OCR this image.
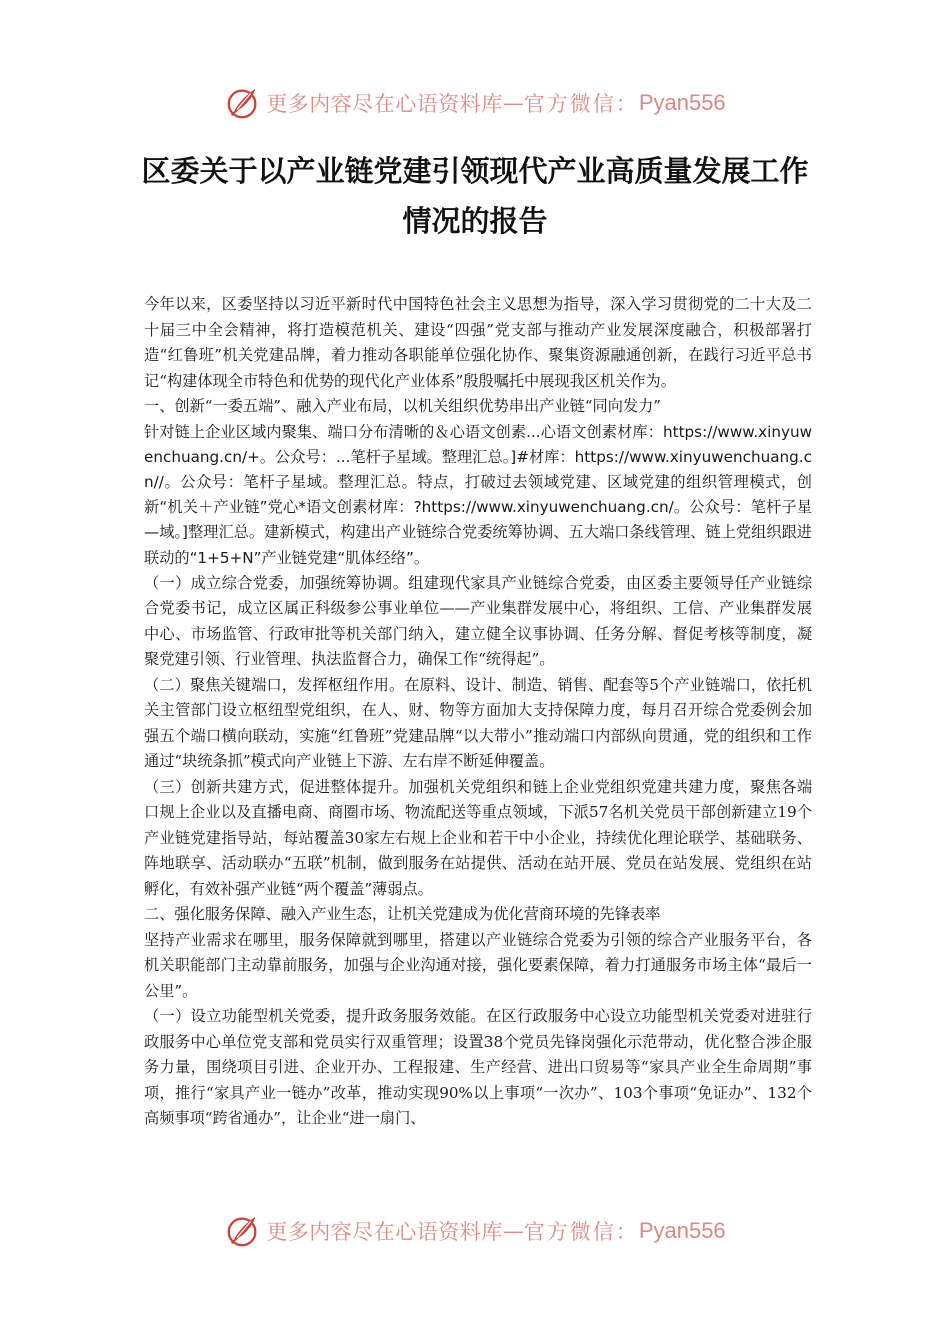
更多内容尽在心语资料库 — 官方微信： Pyan556
区委关于以产业链党建引领现代产业高质量发展工作
情况的报告

今年以来，区委坚持以习近平新时代中国特色社会主义思想为指导，深入学习贯彻党的二十大及二十届三中全会精神，将打造模范机关、建设“四强”党支部与推动产业发展深度融合，积极部署打造“红鲁班”机关党建品牌，着力推动各职能单位强化协作、聚集资源融通创新，在践行习近平总书记“构建体现全市特色和优势的现代化产业体系”殷殷嘱托中展现我区机关作为。

一、创新“一委五端”、融入产业布局，以机关组织优势串出产业链“同向发力”

针对链上企业区域内聚集、端口分布清晰的＆心语文创素...心语文创素材库：https://www.xinyuwenchuang.cn/+。公众号：...笔杆子星域。整理汇总。]#材库：https://www.xinyuwenchuang.cn//。公众号：笔杆子星域。整理汇总。特点，打破过去领域党建、区域党建的组织管理模式，创新“机关＋产业链”党心*语文创素材库：?https://www.xinyuwenchuang.cn/。公众号：笔杆子星—域。]整理汇总。建新模式，构建出产业链综合党委统筹协调、五大端口条线管理、链上党组织跟进联动的“1+5+N”产业链党建“肌体经络”。

（一）成立综合党委，加强统筹协调。组建现代家具产业链综合党委，由区委主要领导任产业链综合党委书记，成立区属正科级参公事业单位——产业集群发展中心，将组织、工信、产业集群发展中心、市场监管、行政审批等机关部门纳入，建立健全议事协调、任务分解、督促考核等制度，凝聚党建引领、行业管理、执法监督合力，确保工作“统得起”。

（二）聚焦关键端口，发挥枢纽作用。在原料、设计、制造、销售、配套等5个产业链端口，依托机关主管部门设立枢纽型党组织，在人、财、物等方面加大支持保障力度，每月召开综合党委例会加强五个端口横向联动，实施“红鲁班”党建品牌“以大带小”推动端口内部纵向贯通，党的组织和工作通过“块统条抓”模式向产业链上下游、左右岸不断延伸覆盖。

（三）创新共建方式，促进整体提升。加强机关党组织和链上企业党组织党建共建力度，聚焦各端口规上企业以及直播电商、商圈市场、物流配送等重点领域，下派57名机关党员干部创新建立19个产业链党建指导站，每站覆盖30家左右规上企业和若干中小企业，持续优化理论联学、基础联务、阵地联享、活动联办“五联”机制，做到服务在站提供、活动在站开展、党员在站发展、党组织在站孵化，有效补强产业链“两个覆盖”薄弱点。

二、强化服务保障、融入产业生态，让机关党建成为优化营商环境的先锋表率

坚持产业需求在哪里，服务保障就到哪里，搭建以产业链综合党委为引领的综合产业服务平台，各机关职能部门主动靠前服务，加强与企业沟通对接，强化要素保障，着力打通服务市场主体“最后一公里”。

（一）设立功能型机关党委，提升政务服务效能。在区行政服务中心设立功能型机关党委对进驻行政服务中心单位党支部和党员实行双重管理；设置38个党员先锋岗强化示范带动，优化整合涉企服务力量，围绕项目引进、企业开办、工程报建、生产经营、进出口贸易等“家具产业全生命周期”事项，推行“家具产业一链办”改革，推动实现90%以上事项“一次办”、103个事项“免证办”、132个高频事项“跨省通办”，让企业“进一扇门、

更多内容尽在心语资料库 — 官方微信： Pyan556
